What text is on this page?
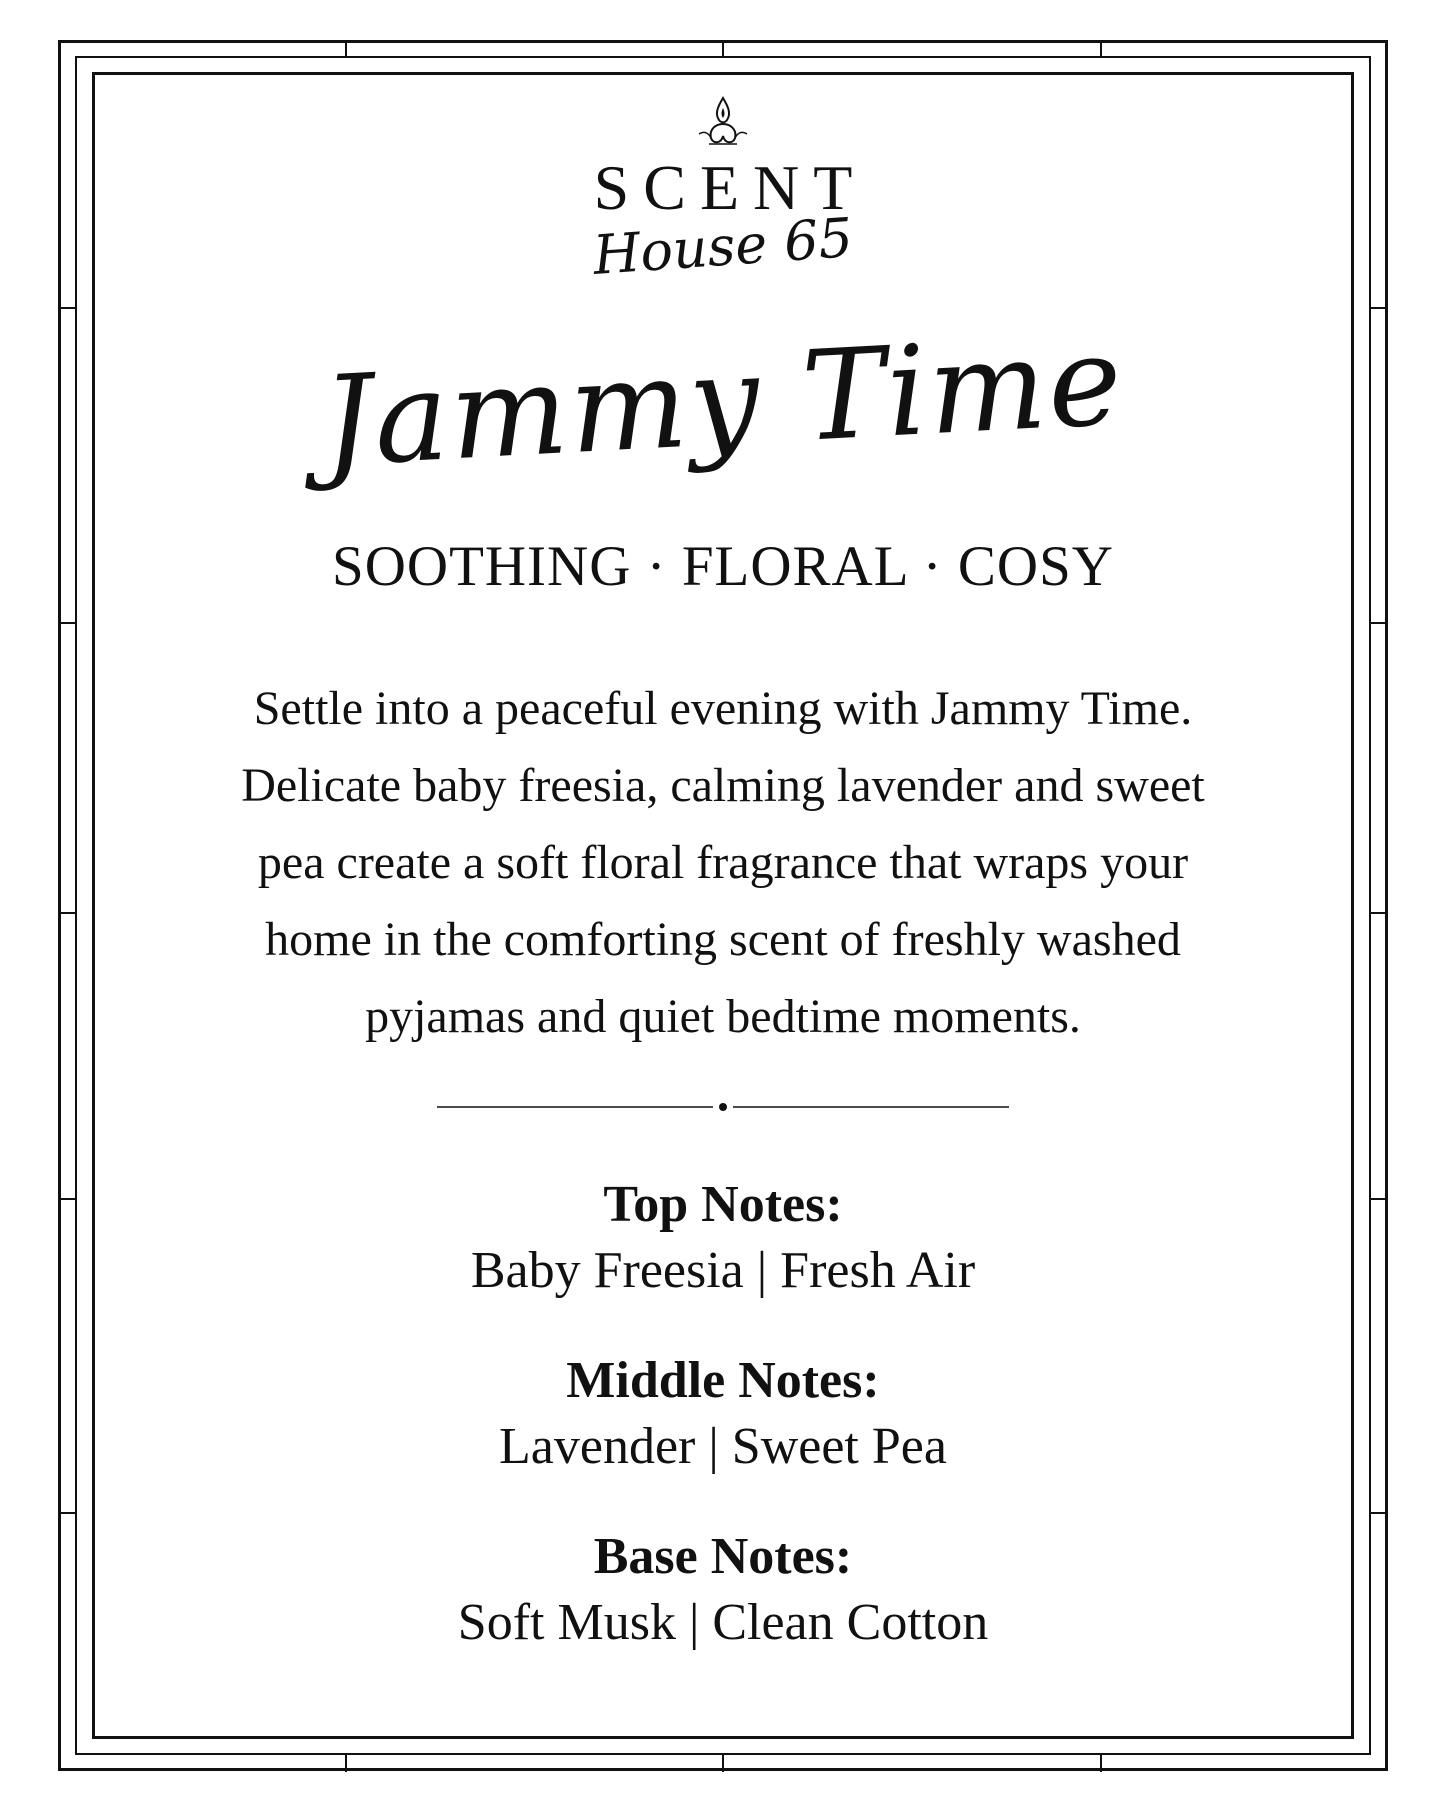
SCENT
House 65
Jammy Time
SOOTHING · FLORAL · COSY
Settle into a peaceful evening with Jammy Time.
Delicate baby freesia, calming lavender and sweet
pea create a soft floral fragrance that wraps your
home in the comforting scent of freshly washed
pyjamas and quiet bedtime moments.
Top Notes:
Baby Freesia | Fresh Air
Middle Notes:
Lavender | Sweet Pea
Base Notes:
Soft Musk | Clean Cotton
